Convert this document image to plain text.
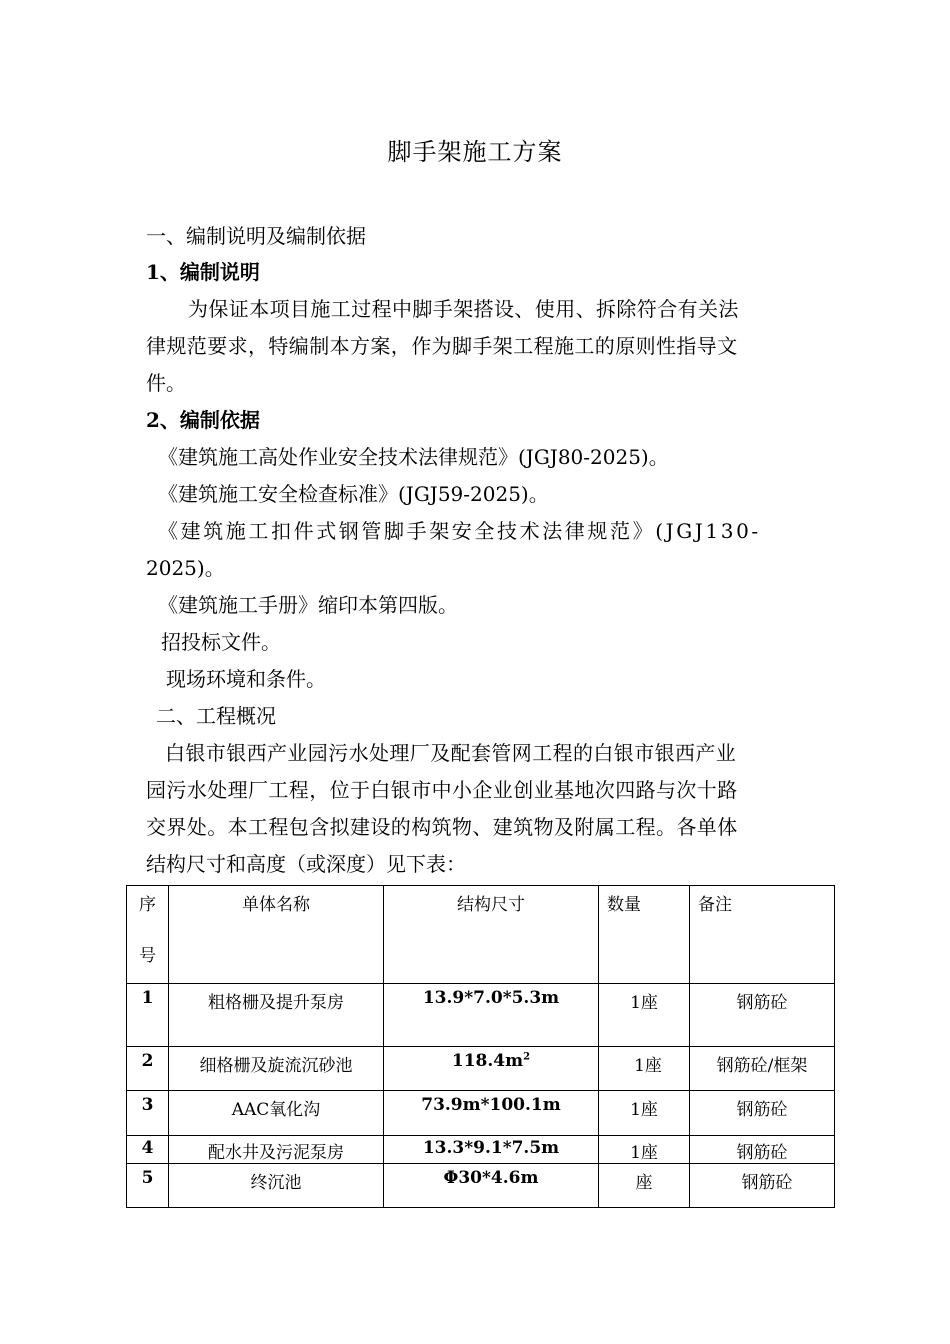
脚手架施工方案
一、编制说明及编制依据
1、编制说明
为保证本项目施工过程中脚手架搭设、使用、拆除符合有关法
律规范要求，特编制本方案，作为脚手架工程施工的原则性指导文
件。
2、编制依据
《建筑施工高处作业安全技术法律规范》(JGJ80-2025)。
《建筑施工安全检查标准》(JGJ59-2025)。
《建筑施工扣件式钢管脚手架安全技术法律规范》(JGJ130-
2025)。
《建筑施工手册》缩印本第四版。
招投标文件。
现场环境和条件。
二、工程概况
白银市银西产业园污水处理厂及配套管网工程的白银市银西产业
园污水处理厂工程，位于白银市中小企业创业基地次四路与次十路
交界处。本工程包含拟建设的构筑物、建筑物及附属工程。各单体
结构尺寸和高度（或深度）见下表：
序
号	单体名称	结构尺寸	数量	备注
1	粗格栅及提升泵房	13.9*7.0*5.3m	1座	钢筋砼
2	细格栅及旋流沉砂池	$118.4m^2$	1座	钢筋砼/框架
3	AAC氧化沟	73.9m*100.1m	1座	钢筋砼
4	配水井及污泥泵房	13.3*9.1*7.5m	1座	钢筋砼
5	终沉池	Φ30*4.6m	座	钢筋砼
